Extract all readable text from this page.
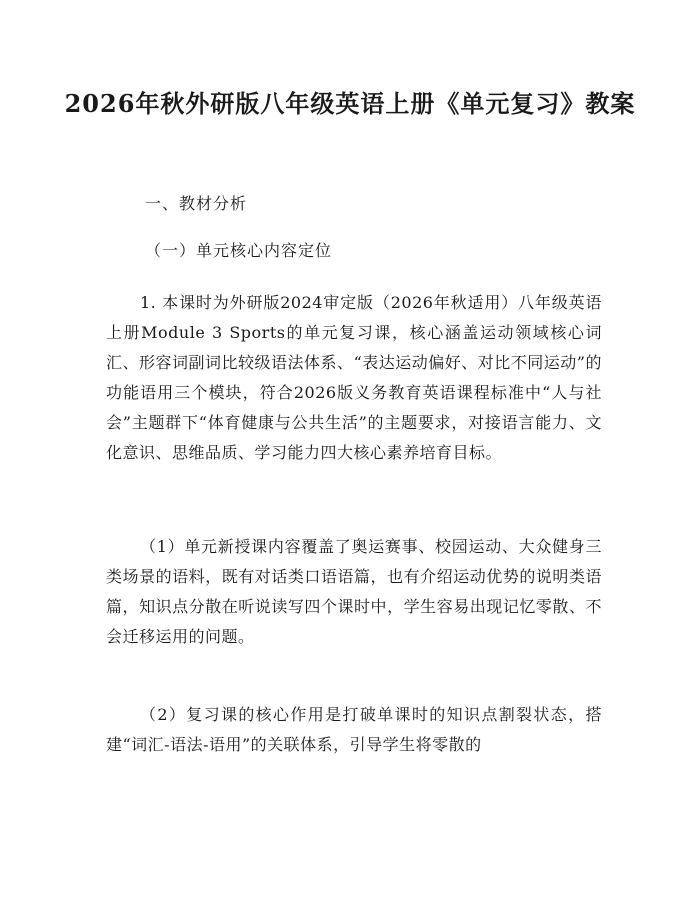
2026年秋外研版八年级英语上册《单元复习》教案

一、教材分析

（一）单元核心内容定位

1. 本课时为外研版2024审定版（2026年秋适用）八年级英语上册Module 3 Sports的单元复习课，核心涵盖运动领域核心词汇、形容词副词比较级语法体系、“表达运动偏好、对比不同运动”的功能语用三个模块，符合2026版义务教育英语课程标准中“人与社会”主题群下“体育健康与公共生活”的主题要求，对接语言能力、文化意识、思维品质、学习能力四大核心素养培育目标。

（1）单元新授课内容覆盖了奥运赛事、校园运动、大众健身三类场景的语料，既有对话类口语语篇，也有介绍运动优势的说明类语篇，知识点分散在听说读写四个课时中，学生容易出现记忆零散、不会迁移运用的问题。

（2）复习课的核心作用是打破单课时的知识点割裂状态，搭建“词汇-语法-语用”的关联体系，引导学生将零散的
